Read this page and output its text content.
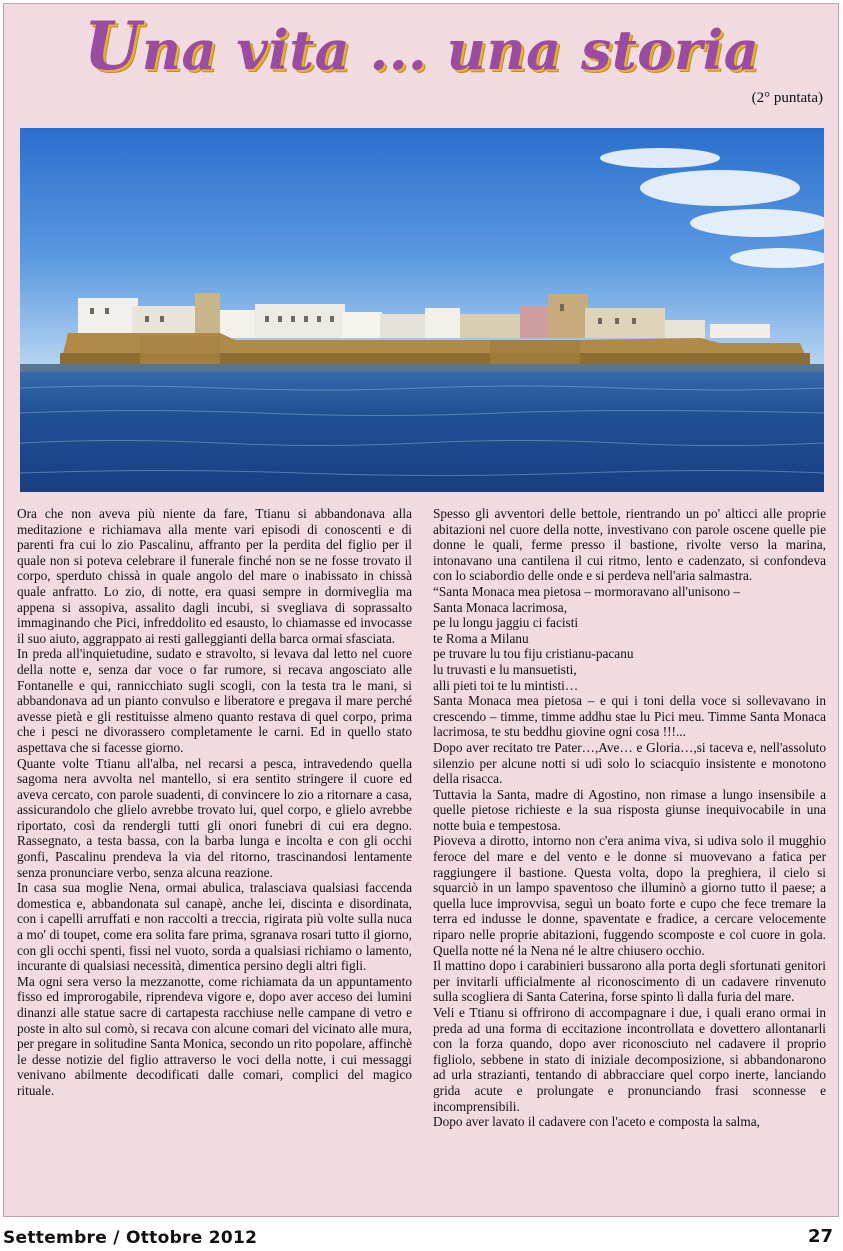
Una vita ... una storia
(2° puntata)

Ora che non aveva più niente da fare, Ttianu si abbandonava alla meditazione e richiamava alla mente vari episodi di conoscenti e di parenti fra cui lo zio Pascalinu, affranto per la perdita del figlio per il quale non si poteva celebrare il funerale finché non se ne fosse trovato il corpo, sperduto chissà in quale angolo del mare o inabissato in chissà quale anfratto. Lo zio, di notte, era quasi sempre in dormiveglia ma appena si assopiva, assalito dagli incubi, si svegliava di soprassalto immaginando che Pici, infreddolito ed esausto, lo chiamasse ed invocasse il suo aiuto, aggrappato ai resti galleggianti della barca ormai sfasciata.

In preda all'inquietudine, sudato e stravolto, si levava dal letto nel cuore della notte e, senza dar voce o far rumore, si recava angosciato alle Fontanelle e qui, rannicchiato sugli scogli, con la testa tra le mani, si abbandonava ad un pianto convulso e liberatore e pregava il mare perché avesse pietà e gli restituisse almeno quanto restava di quel corpo, prima che i pesci ne divorassero completamente le carni. Ed in quello stato aspettava che si facesse giorno.

Quante volte Ttianu all'alba, nel recarsi a pesca, intravedendo quella sagoma nera avvolta nel mantello, si era sentito stringere il cuore ed aveva cercato, con parole suadenti, di convincere lo zio a ritornare a casa, assicurandolo che glielo avrebbe trovato lui, quel corpo, e glielo avrebbe riportato, così da rendergli tutti gli onori funebri di cui era degno. Rassegnato, a testa bassa, con la barba lunga e incolta e con gli occhi gonfi, Pascalinu prendeva la via del ritorno, trascinandosi lentamente senza pronunciare verbo, senza alcuna reazione.

In casa sua moglie Nena, ormai abulica, tralasciava qualsiasi faccenda domestica e, abbandonata sul canapè, anche lei, discinta e disordinata, con i capelli arruffati e non raccolti a treccia, rigirata più volte sulla nuca a mo' di toupet, come era solita fare prima, sgranava rosari tutto il giorno, con gli occhi spenti, fissi nel vuoto, sorda a qualsiasi richiamo o lamento, incurante di qualsiasi necessità, dimentica persino degli altri figli.

Ma ogni sera verso la mezzanotte, come richiamata da un appuntamento fisso ed improrogabile, riprendeva vigore e, dopo aver acceso dei lumini dinanzi alle statue sacre di cartapesta racchiuse nelle campane di vetro e poste in alto sul comò, si recava con alcune comari del vicinato alle mura, per pregare in solitudine Santa Monica, secondo un rito popolare, affinchè le desse notizie del figlio attraverso le voci della notte, i cui messaggi venivano abilmente decodificati dalle comari, complici del magico rituale.

Spesso gli avventori delle bettole, rientrando un po' alticci alle proprie abitazioni nel cuore della notte, investivano con parole oscene quelle pie donne le quali, ferme presso il bastione, rivolte verso la marina, intonavano una cantilena il cui ritmo, lento e cadenzato, si confondeva con lo sciabordio delle onde e si perdeva nell'aria salmastra.

“Santa Monaca mea pietosa – mormoravano all'unisono –

Santa Monaca lacrimosa,

pe lu longu jaggiu ci facisti

te Roma a Milanu

pe truvare lu tou fiju cristianu-pacanu

lu truvasti e lu mansuetisti,

alli pieti toi te lu mintisti…

Santa Monaca mea pietosa – e qui i toni della voce si sollevavano in crescendo – timme, timme addhu stae lu Pici meu. Timme Santa Monaca lacrimosa, te stu beddhu giovine ogni cosa !!!...

Dopo aver recitato tre Pater…,Ave… e Gloria…,si taceva e, nell'assoluto silenzio per alcune notti si udì solo lo sciacquio insistente e monotono della risacca.

Tuttavia la Santa, madre di Agostino, non rimase a lungo insensibile a quelle pietose richieste e la sua risposta giunse inequivocabile in una notte buia e tempestosa.

Pioveva a dirotto, intorno non c'era anima viva, si udiva solo il mugghio feroce del mare e del vento e le donne si muovevano a fatica per raggiungere il bastione. Questa volta, dopo la preghiera, il cielo si squarciò in un lampo spaventoso che illuminò a giorno tutto il paese; a quella luce improvvisa, seguì un boato forte e cupo che fece tremare la terra ed indusse le donne, spaventate e fradice, a cercare velocemente riparo nelle proprie abitazioni, fuggendo scomposte e col cuore in gola. Quella notte né la Nena né le altre chiusero occhio.

Il mattino dopo i carabinieri bussarono alla porta degli sfortunati genitori per invitarli ufficialmente al riconoscimento di un cadavere rinvenuto sulla scogliera di Santa Caterina, forse spinto lì dalla furia del mare.

Veli e Ttianu si offrirono di accompagnare i due, i quali erano ormai in preda ad una forma di eccitazione incontrollata e dovettero allontanarli con la forza quando, dopo aver riconosciuto nel cadavere il proprio figliolo, sebbene in stato di iniziale decomposizione, si abbandonarono ad urla strazianti, tentando di abbracciare quel corpo inerte, lanciando grida acute e prolungate e pronunciando frasi sconnesse e incomprensibili.

Dopo aver lavato il cadavere con l'aceto e composta la salma,

Settembre / Ottobre 2012	27
